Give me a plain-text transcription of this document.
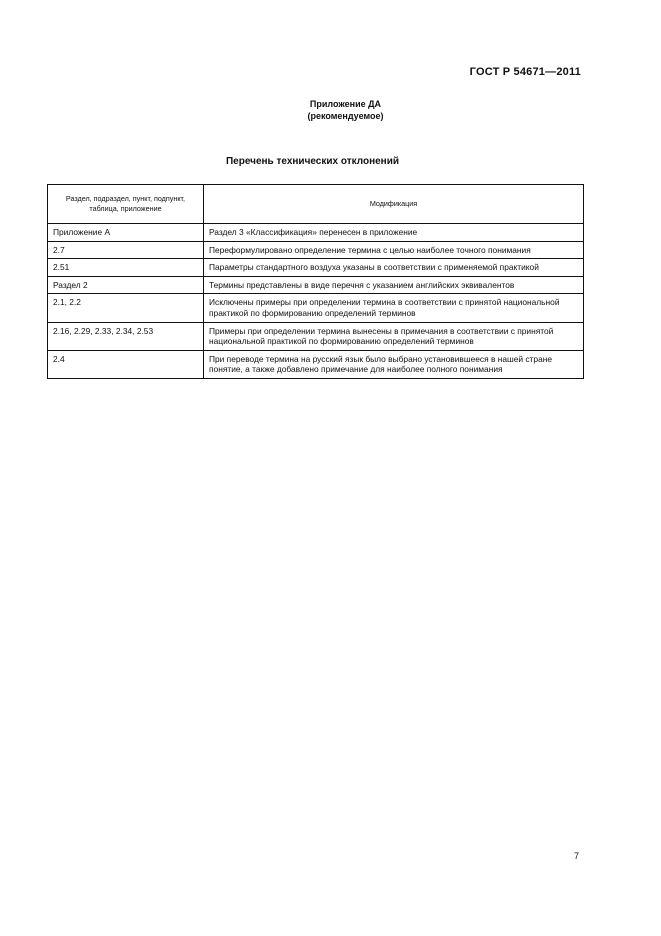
ГОСТ Р 54671—2011
Приложение ДА
(рекомендуемое)
Перечень технических отклонений
Раздел, подраздел, пункт, подпункт, таблица, приложение	Модификация
Приложение А	Раздел 3 «Классификация» перенесен в приложение
2.7	Переформулировано определение термина с целью наиболее точного понимания
2.51	Параметры стандартного воздуха указаны в соответствии с применяемой практикой
Раздел 2	Термины представлены в виде перечня с указанием английских эквивалентов
2.1, 2.2	Исключены примеры при определении термина в соответствии с принятой национальной практикой по формированию определений терминов
2.16, 2.29, 2.33, 2.34, 2.53	Примеры при определении термина вынесены в примечания в соответствии с принятой национальной практикой по формированию определений терминов
2.4	При переводе термина на русский язык было выбрано установившееся в нашей стране понятие, а также добавлено примечание для наиболее полного понимания
7
